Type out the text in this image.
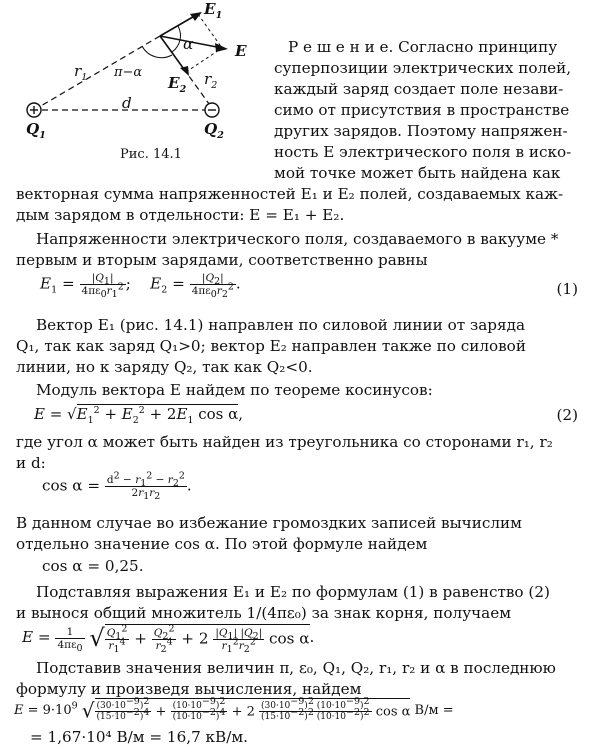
$E_1$
E
$E_2$
α
π−α
$r_1$	$r_2$
d
$Q_1$	$Q_2$
Рис. 14.1
Р е ш е н и е. Согласно принципу
суперпозиции электрических полей,
каждый заряд создает поле незави-
симо от присутствия в пространстве
других зарядов. Поэтому напряжен-
ность E электрического поля в иско-
мой точке может быть найдена как
векторная сумма напряженностей E₁ и E₂ полей, создаваемых каж-
дым зарядом в отдельности: E = E₁ + E₂.
Напряженности электрического поля, создаваемого в вакууме *
первым и вторым зарядами, соответственно равны
$E_1 = \frac{|Q_1|}{4\pi\varepsilon_0r_1^2}$ ;    $E_2 = \frac{|Q_2|}{4\pi\varepsilon_0r_2^2}$ .	(1)
Вектор E₁ (рис. 14.1) направлен по силовой линии от заряда
Q₁, так как заряд Q₁>0; вектор E₂ направлен также по силовой
линии, но к заряду Q₂, так как Q₂<0.
Модуль вектора E найдем по теореме косинусов:
$E = √E_1^2 + E_2^2 + 2E_1$ cos α,	(2)
где угол α может быть найден из треугольника со сторонами r₁, r₂
и d:
$\cos \alpha = \frac{d^2 - r_1^2 - r_2^2}{2r_1r_2}$ .
В данном случае во избежание громоздких записей вычислим
отдельно значение cos α. По этой формуле найдем
cos α = 0,25.
Подставляя выражения E₁ и E₂ по формулам (1) в равенство (2)
и вынося общий множитель 1/(4πε₀) за знак корня, получаем
$E = \frac{1}{4\pi\varepsilon_0}$ √ $\frac{Q_1^2}{r_1^4} + \frac{Q_2^2}{r_2^4} + 2 \frac{|Q_1| |Q_2|}{r_1^2r_2^2}$ cos α.
Подставив значения величин π, ε₀, Q₁, Q₂, r₁, r₂ и α в последнюю
формулу и произведя вычисления, найдем
$E = 9\cdot 10^9$ √ $\frac{(30\cdot 10^{-9})^2}{(15\cdot 10^{-2})^4} + \frac{(10\cdot 10^{-9})^2}{(10\cdot 10^{-2})^4} + 2 \frac{(30\cdot 10^{-9})^2 (10\cdot 10^{-9})^2}{(15\cdot 10^{-2})^2 (10\cdot 10^{-2})^2}$ cos α В/м =
= 1,67·10⁴ В/м = 16,7 кВ/м.
